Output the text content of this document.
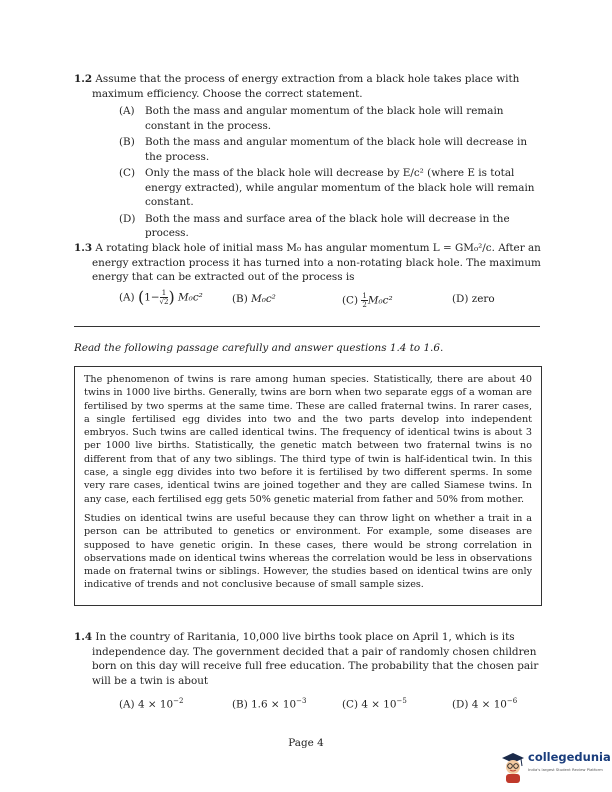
1.2 Assume that the process of energy extraction from a black hole takes place with maximum efficiency. Choose the correct statement.
(A) Both the mass and angular momentum of the black hole will remain constant in the process.
(B) Both the mass and angular momentum of the black hole will decrease in the process.
(C) Only the mass of the black hole will decrease by E/c² (where E is total energy extracted), while angular momentum of the black hole will remain constant.
(D) Both the mass and surface area of the black hole will decrease in the process.
1.3 A rotating black hole of initial mass M₀ has angular momentum L = GM₀²/c. After an energy extraction process it has turned into a non-rotating black hole. The maximum energy that can be extracted out of the process is
(A) ($1- \frac{1}{√2}$ ) M₀c²	(B) M₀c²	$(C) \frac{1}{2} M_0c^2$	(D) zero
Read the following passage carefully and answer questions 1.4 to 1.6.

The phenomenon of twins is rare among human species. Statistically, there are about 40 twins in 1000 live births. Generally, twins are born when two separate eggs of a woman are fertilised by two sperms at the same time. These are called fraternal twins. In rarer cases, a single fertilised egg divides into two and the two parts develop into independent embryos. Such twins are called identical twins. The frequency of identical twins is about 3 per 1000 live births. Statistically, the genetic match between two fraternal twins is no different from that of any two siblings. The third type of twin is half-identical twin. In this case, a single egg divides into two before it is fertilised by two different sperms. In some very rare cases, identical twins are joined together and they are called Siamese twins. In any case, each fertilised egg gets 50% genetic material from father and 50% from mother.

Studies on identical twins are useful because they can throw light on whether a trait in a person can be attributed to genetics or environment. For example, some diseases are supposed to have genetic origin. In these cases, there would be strong correlation in observations made on identical twins whereas the correlation would be less in observations made on fraternal twins or siblings. However, the studies based on identical twins are only indicative of trends and not conclusive because of small sample sizes.

1.4 In the country of Raritania, 10,000 live births took place on April 1, which is its independence day. The government decided that a pair of randomly chosen children born on this day will receive full free education. The probability that the chosen pair will be a twin is about
(A) $4 \times 10^{-2}$	(B) $1.6 \times 10^{-3}$	(C) $4 \times 10^{-5}$	(D) $4 \times 10^{-6}$
Page 4
collegedunia
India's largest Student Review Platform
